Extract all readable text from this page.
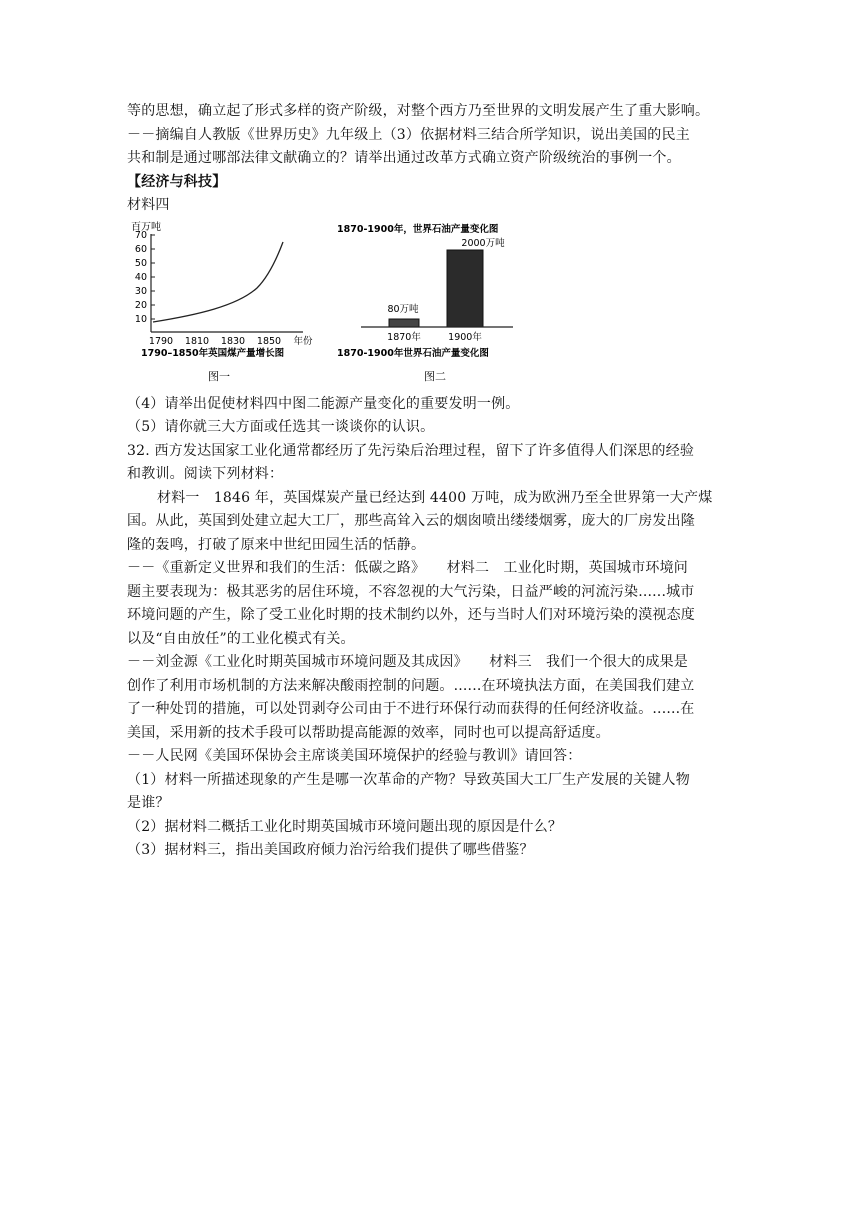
等的思想，确立起了形式多样的资产阶级，对整个西方乃至世界的文明发展产生了重大影响。
－－摘编自人教版《世界历史》九年级上（3）依据材料三结合所学知识，说出美国的民主
共和制是通过哪部法律文献确立的？请举出通过改革方式确立资产阶级统治的事例一个。
【经济与科技】
材料四
百万吨
70
60
50
40
30
20
10
1790 1810 1830 1850 年份
1790–1850年英国煤产量增长图
图一
1870-1900年，世界石油产量变化图
2000万吨
80万吨
1870年	1900年
1870-1900年世界石油产量变化图
图二
（4）请举出促使材料四中图二能源产量变化的重要发明一例。
（5）请你就三大方面或任选其一谈谈你的认识。
32. 西方发达国家工业化通常都经历了先污染后治理过程，留下了许多值得人们深思的经验
和教训。阅读下列材料：
材料一　1846 年，英国煤炭产量已经达到 4400 万吨，成为欧洲乃至全世界第一大产煤
国。从此，英国到处建立起大工厂，那些高耸入云的烟囱喷出缕缕烟雾，庞大的厂房发出隆
隆的轰鸣，打破了原来中世纪田园生活的恬静。
－－《重新定义世界和我们的生活：低碳之路》　　材料二　工业化时期，英国城市环境问
题主要表现为：极其恶劣的居住环境，不容忽视的大气污染，日益严峻的河流污染......城市
环境问题的产生，除了受工业化时期的技术制约以外，还与当时人们对环境污染的漠视态度
以及“自由放任”的工业化模式有关。
－－刘金源《工业化时期英国城市环境问题及其成因》　　材料三　我们一个很大的成果是
创作了利用市场机制的方法来解决酸雨控制的问题。......在环境执法方面，在美国我们建立
了一种处罚的措施，可以处罚剥夺公司由于不进行环保行动而获得的任何经济收益。......在
美国，采用新的技术手段可以帮助提高能源的效率，同时也可以提高舒适度。
－－人民网《美国环保协会主席谈美国环境保护的经验与教训》请回答：
（1）材料一所描述现象的产生是哪一次革命的产物？导致英国大工厂生产发展的关键人物
是谁？
（2）据材料二概括工业化时期英国城市环境问题出现的原因是什么？
（3）据材料三，指出美国政府倾力治污给我们提供了哪些借鉴？
